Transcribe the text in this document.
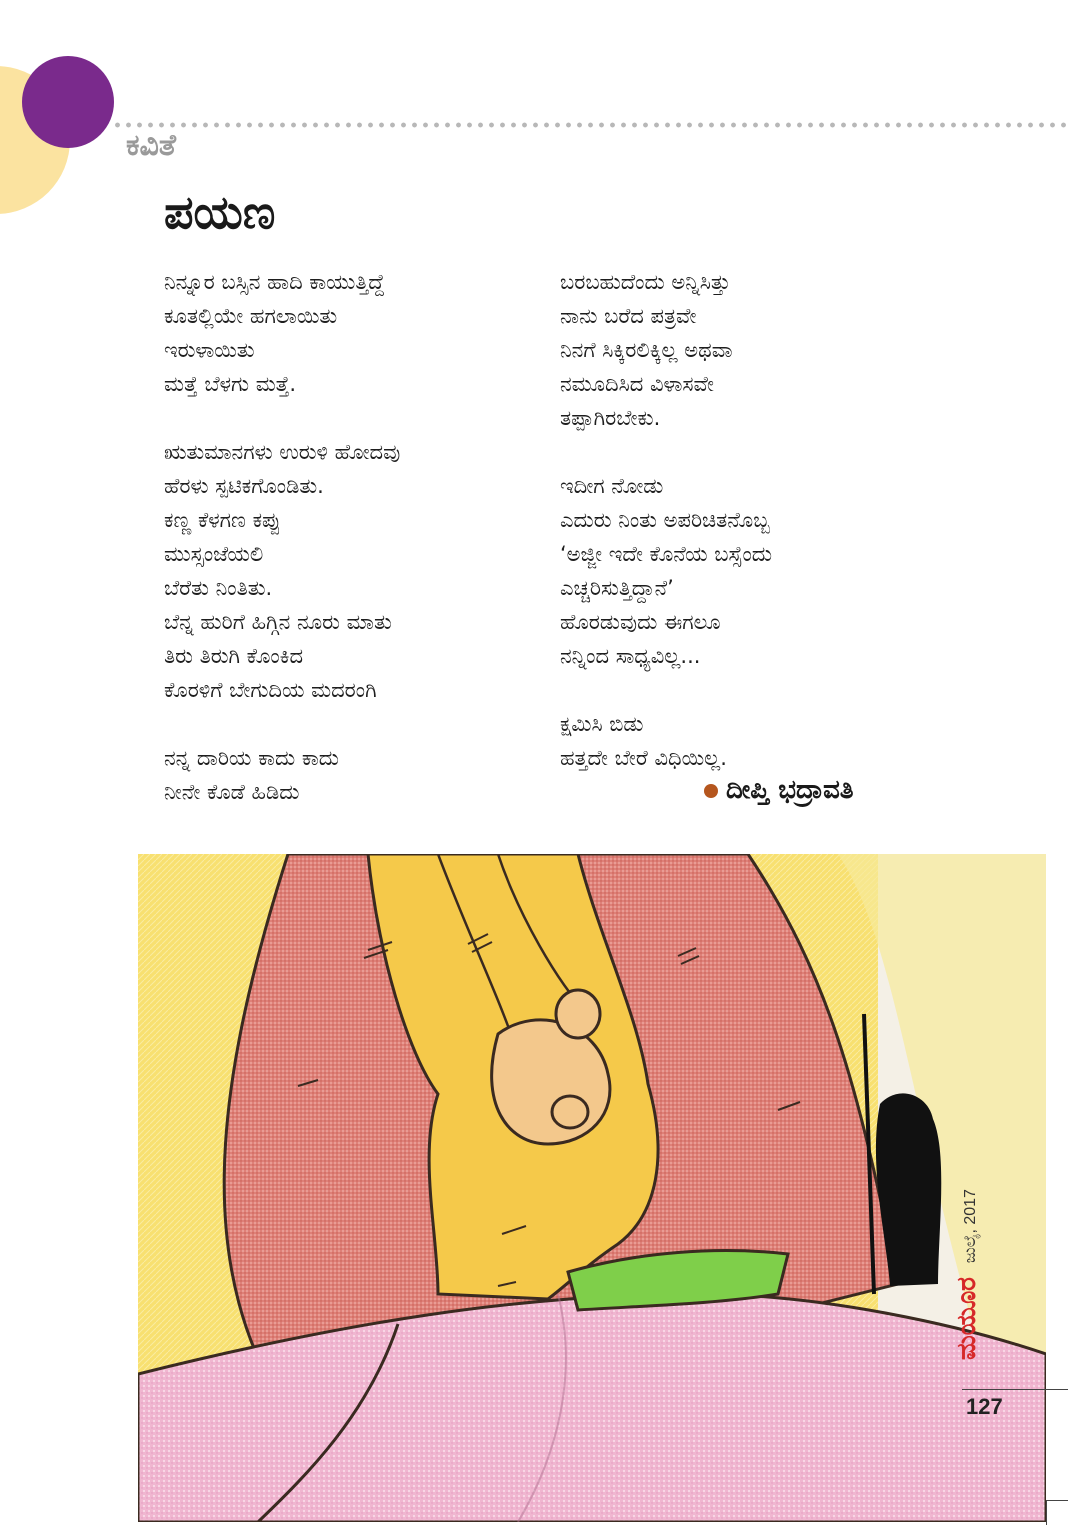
ಕವಿತೆ
ಪಯಣ
ನಿನ್ನೂರ ಬಸ್ಸಿನ ಹಾದಿ ಕಾಯುತ್ತಿದ್ದೆ
ಕೂತಲ್ಲಿಯೇ ಹಗಲಾಯಿತು
ಇರುಳಾಯಿತು
ಮತ್ತೆ ಬೆಳಗು ಮತ್ತೆ.
ಋತುಮಾನಗಳು ಉರುಳಿ ಹೋದವು
ಹೆರಳು ಸ್ಪಟಿಕಗೊಂಡಿತು.
ಕಣ್ಣ ಕೆಳಗಣ ಕಪ್ಪು
ಮುಸ್ಸಂಜೆಯಲಿ
ಬೆರೆತು ನಿಂತಿತು.
ಬೆನ್ನ ಹುರಿಗೆ ಹಿಗ್ಗಿನ ನೂರು ಮಾತು
ತಿರು ತಿರುಗಿ ಕೊಂಕಿದ
ಕೊರಳಿಗೆ ಬೇಗುದಿಯ ಮದರಂಗಿ
ನನ್ನ ದಾರಿಯ ಕಾದು ಕಾದು
ನೀನೇ ಕೊಡೆ ಹಿಡಿದು
ಬರಬಹುದೆಂದು ಅನ್ನಿಸಿತ್ತು
ನಾನು ಬರೆದ ಪತ್ರವೇ
ನಿನಗೆ ಸಿಕ್ಕಿರಲಿಕ್ಕಿಲ್ಲ ಅಥವಾ
ನಮೂದಿಸಿದ ವಿಳಾಸವೇ
ತಪ್ಪಾಗಿರಬೇಕು.
ಇದೀಗ ನೋಡು
ಎದುರು ನಿಂತು ಅಪರಿಚಿತನೊಬ್ಬ
‘ಅಜ್ಜೀ ಇದೇ ಕೊನೆಯ ಬಸ್ಸೆಂದು
ಎಚ್ಚರಿಸುತ್ತಿದ್ದಾನೆ’
ಹೊರಡುವುದು ಈಗಲೂ
ನನ್ನಿಂದ ಸಾಧ್ಯವಿಲ್ಲ...
ಕ್ಷಮಿಸಿ ಬಿಡು
ಹತ್ತದೇ ಬೇರೆ ವಿಧಿಯಿಲ್ಲ.
ದೀಪ್ತಿ ಭದ್ರಾವತಿ
ಮಯೂರಜುಲೈ, 2017
127
